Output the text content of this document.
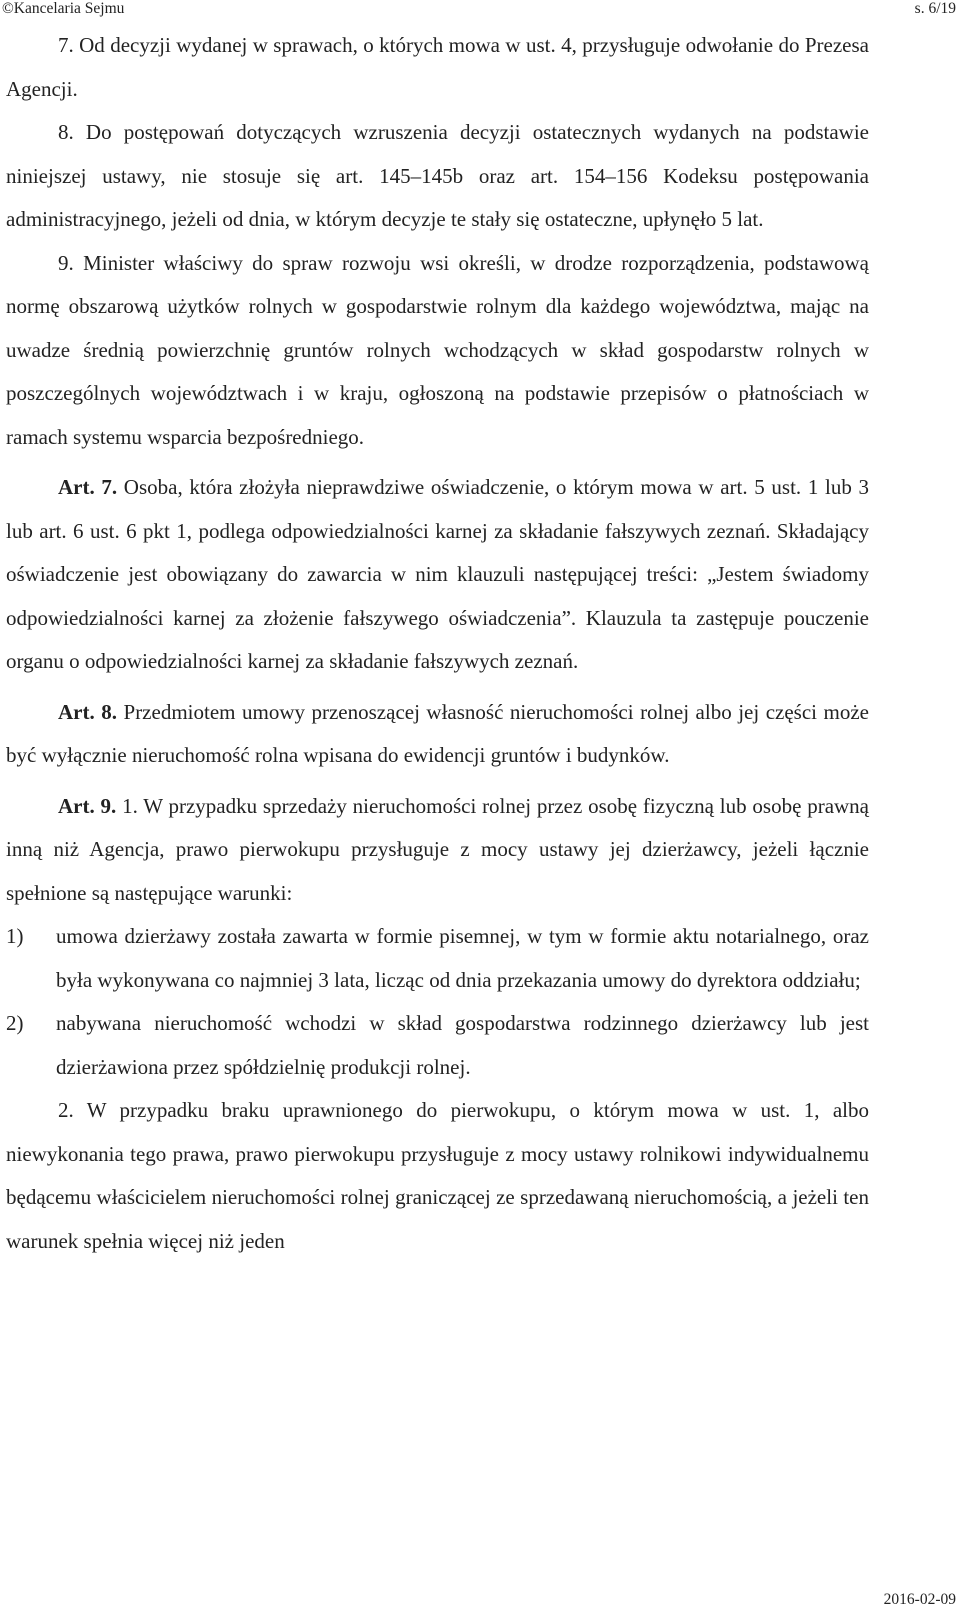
©Kancelaria Sejmu	s. 6/19

7. Od decyzji wydanej w sprawach, o których mowa w ust. 4, przysługuje odwołanie do Prezesa Agencji.

8. Do postępowań dotyczących wzruszenia decyzji ostatecznych wydanych na podstawie niniejszej ustawy, nie stosuje się art. 145–145b oraz art. 154–156 Kodeksu postępowania administracyjnego, jeżeli od dnia, w którym decyzje te stały się ostateczne, upłynęło 5 lat.

9. Minister właściwy do spraw rozwoju wsi określi, w drodze rozporządzenia, podstawową normę obszarową użytków rolnych w gospodarstwie rolnym dla każdego województwa, mając na uwadze średnią powierzchnię gruntów rolnych wchodzących w skład gospodarstw rolnych w poszczególnych województwach i w kraju, ogłoszoną na podstawie przepisów o płatnościach w ramach systemu wsparcia bezpośredniego.

Art. 7. Osoba, która złożyła nieprawdziwe oświadczenie, o którym mowa w art. 5 ust. 1 lub 3 lub art. 6 ust. 6 pkt 1, podlega odpowiedzialności karnej za składanie fałszywych zeznań. Składający oświadczenie jest obowiązany do zawarcia w nim klauzuli następującej treści: „Jestem świadomy odpowiedzialności karnej za złożenie fałszywego oświadczenia”. Klauzula ta zastępuje pouczenie organu o odpowiedzialności karnej za składanie fałszywych zeznań.

Art. 8. Przedmiotem umowy przenoszącej własność nieruchomości rolnej albo jej części może być wyłącznie nieruchomość rolna wpisana do ewidencji gruntów i budynków.

Art. 9. 1. W przypadku sprzedaży nieruchomości rolnej przez osobę fizyczną lub osobę prawną inną niż Agencja, prawo pierwokupu przysługuje z mocy ustawy jej dzierżawcy, jeżeli łącznie spełnione są następujące warunki:

1)	umowa dzierżawy została zawarta w formie pisemnej, w tym w formie aktu notarialnego, oraz była wykonywana co najmniej 3 lata, licząc od dnia przekazania umowy do dyrektora oddziału;
2)	nabywana nieruchomość wchodzi w skład gospodarstwa rodzinnego dzierżawcy lub jest dzierżawiona przez spółdzielnię produkcji rolnej.

2. W przypadku braku uprawnionego do pierwokupu, o którym mowa w ust. 1, albo niewykonania tego prawa, prawo pierwokupu przysługuje z mocy ustawy rolnikowi indywidualnemu będącemu właścicielem nieruchomości rolnej graniczącej ze sprzedawaną nieruchomością, a jeżeli ten warunek spełnia więcej niż jeden

2016-02-09
